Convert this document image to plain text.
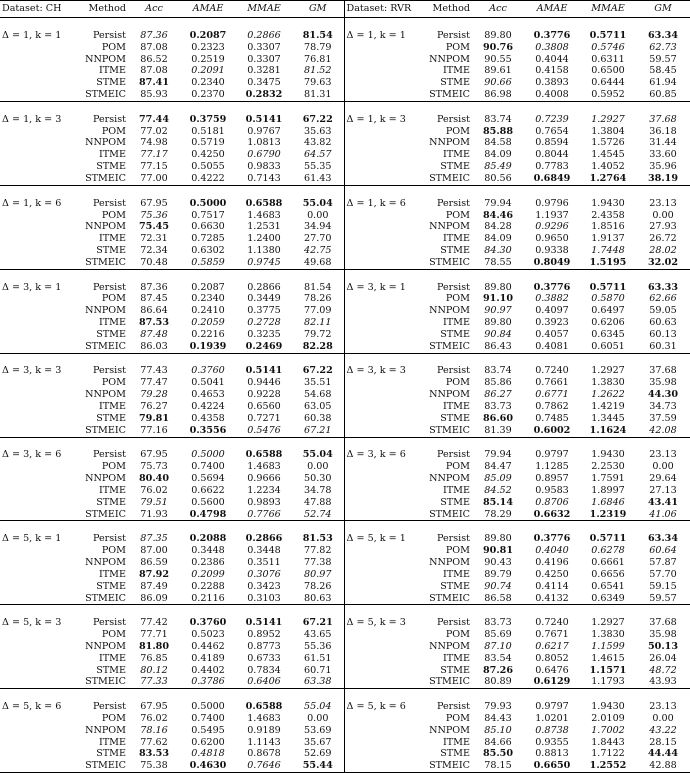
Dataset: CH	Method	Acc	AMAE	MMAE	GM	Dataset: RVR	Method	Acc	AMAE	MMAE	GM

Δ = 1, k = 1	Persist	87.36	0.2087	0.2866	81.54	Δ = 1, k = 1	Persist	89.80	0.3776	0.5711	63.34
	POM	87.08	0.2323	0.3307	78.79		POM	90.76	0.3808	0.5746	62.73
	NNPOM	86.52	0.2519	0.3307	76.81		NNPOM	90.55	0.4044	0.6311	59.57
	ITME	87.08	0.2091	0.3281	81.52		ITME	89.61	0.4158	0.6500	58.45
	STME	87.41	0.2340	0.3475	79.63		STME	90.66	0.3893	0.6444	61.94
	STMEIC	85.93	0.2370	0.2832	81.31		STMEIC	86.98	0.4008	0.5952	60.85

Δ = 1, k = 3	Persist	77.44	0.3759	0.5141	67.22	Δ = 1, k = 3	Persist	83.74	0.7239	1.2927	37.68
	POM	77.02	0.5181	0.9767	35.63		POM	85.88	0.7654	1.3804	36.18
	NNPOM	74.98	0.5719	1.0813	43.82		NNPOM	84.58	0.8594	1.5726	31.44
	ITME	77.17	0.4250	0.6790	64.57		ITME	84.09	0.8044	1.4545	33.60
	STME	77.15	0.5055	0.9833	55.35		STME	85.49	0.7783	1.4052	35.96
	STMEIC	77.00	0.4222	0.7143	61.43		STMEIC	80.56	0.6849	1.2764	38.19

Δ = 1, k = 6	Persist	67.95	0.5000	0.6588	55.04	Δ = 1, k = 6	Persist	79.94	0.9796	1.9430	23.13
	POM	75.36	0.7517	1.4683	0.00		POM	84.46	1.1937	2.4358	0.00
	NNPOM	75.45	0.6630	1.2531	34.94		NNPOM	84.28	0.9296	1.8516	27.93
	ITME	72.31	0.7285	1.2400	27.70		ITME	84.09	0.9650	1.9137	26.72
	STME	72.34	0.6302	1.1380	42.75		STME	84.30	0.9338	1.7448	28.02
	STMEIC	70.48	0.5859	0.9745	49.68		STMEIC	78.55	0.8049	1.5195	32.02

Δ = 3, k = 1	Persist	87.36	0.2087	0.2866	81.54	Δ = 3, k = 1	Persist	89.80	0.3776	0.5711	63.33
	POM	87.45	0.2340	0.3449	78.26		POM	91.10	0.3882	0.5870	62.66
	NNPOM	86.64	0.2410	0.3775	77.09		NNPOM	90.97	0.4097	0.6497	59.05
	ITME	87.53	0.2059	0.2728	82.11		ITME	89.80	0.3923	0.6206	60.63
	STME	87.48	0.2216	0.3235	79.72		STME	90.84	0.4057	0.6345	60.13
	STMEIC	86.03	0.1939	0.2469	82.28		STMEIC	86.43	0.4081	0.6051	60.31

Δ = 3, k = 3	Persist	77.43	0.3760	0.5141	67.22	Δ = 3, k = 3	Persist	83.74	0.7240	1.2927	37.68
	POM	77.47	0.5041	0.9446	35.51		POM	85.86	0.7661	1.3830	35.98
	NNPOM	79.28	0.4653	0.9228	54.68		NNPOM	86.27	0.6771	1.2622	44.30
	ITME	76.27	0.4224	0.6560	63.05		ITME	83.73	0.7862	1.4219	34.73
	STME	79.81	0.4358	0.7271	60.38		STME	86.60	0.7485	1.3445	37.59
	STMEIC	77.16	0.3556	0.5476	67.21		STMEIC	81.39	0.6002	1.1624	42.08

Δ = 3, k = 6	Persist	67.95	0.5000	0.6588	55.04	Δ = 3, k = 6	Persist	79.94	0.9797	1.9430	23.13
	POM	75.73	0.7400	1.4683	0.00		POM	84.47	1.1285	2.2530	0.00
	NNPOM	80.40	0.5694	0.9666	50.30		NNPOM	85.09	0.8957	1.7591	29.64
	ITME	76.02	0.6622	1.2234	34.78		ITME	84.52	0.9583	1.8997	27.13
	STME	79.51	0.5600	0.9893	47.88		STME	85.14	0.8706	1.6846	43.41
	STMEIC	71.93	0.4798	0.7766	52.74		STMEIC	78.29	0.6632	1.2319	41.06

Δ = 5, k = 1	Persist	87.35	0.2088	0.2866	81.53	Δ = 5, k = 1	Persist	89.80	0.3776	0.5711	63.34
	POM	87.00	0.3448	0.3448	77.82		POM	90.81	0.4040	0.6278	60.64
	NNPOM	86.59	0.2386	0.3511	77.38		NNPOM	90.43	0.4196	0.6661	57.87
	ITME	87.92	0.2099	0.3076	80.97		ITME	89.79	0.4250	0.6656	57.70
	STME	87.49	0.2288	0.3423	78.26		STME	90.74	0.4114	0.6541	59.15
	STMEIC	86.09	0.2116	0.3103	80.63		STMEIC	86.58	0.4132	0.6349	59.57

Δ = 5, k = 3	Persist	77.42	0.3760	0.5141	67.21	Δ = 5, k = 3	Persist	83.73	0.7240	1.2927	37.68
	POM	77.71	0.5023	0.8952	43.65		POM	85.69	0.7671	1.3830	35.98
	NNPOM	81.80	0.4462	0.8773	55.36		NNPOM	87.10	0.6217	1.1599	50.13
	ITME	76.85	0.4189	0.6733	61.51		ITME	83.54	0.8052	1.4615	26.04
	STME	80.12	0.4402	0.7834	60.71		STME	87.26	0.6476	1.1571	48.72
	STMEIC	77.33	0.3786	0.6406	63.38		STMEIC	80.89	0.6129	1.1793	43.93

Δ = 5, k = 6	Persist	67.95	0.5000	0.6588	55.04	Δ = 5, k = 6	Persist	79.93	0.9797	1.9430	23.13
	POM	76.02	0.7400	1.4683	0.00		POM	84.43	1.0201	2.0109	0.00
	NNPOM	78.16	0.5495	0.9189	53.69		NNPOM	85.10	0.8738	1.7002	43.22
	ITME	77.62	0.6200	1.1143	35.67		ITME	84.66	0.9355	1.8443	28.15
	STME	83.53	0.4818	0.8678	52.69		STME	85.50	0.8813	1.7122	44.44
	STMEIC	75.38	0.4630	0.7646	55.44		STMEIC	78.15	0.6650	1.2552	42.88
